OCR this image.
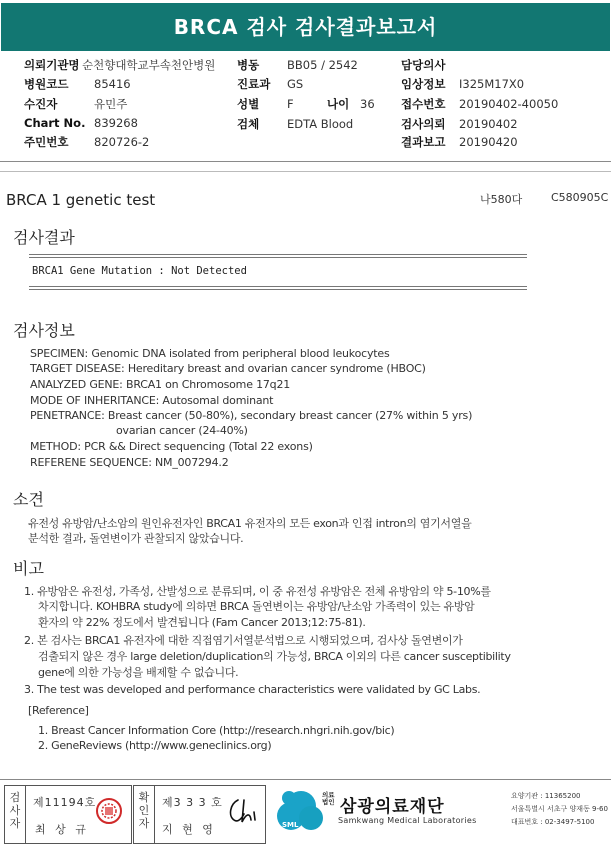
BRCA 검사 검사결과보고서
의뢰기관명 순천향대학교부속천안병원
병원코드 85416
수진자	유민주
Chart No. 839268
주민번호 820726-2
병동 BB05 / 2542
진료과 GS
성별 F	나이 36
검체 EDTA Blood
담당의사
임상정보 I325M17X0
접수번호 20190402-40050
검사의뢰 20190402
결과보고 20190420
BRCA 1 genetic test	나580다	C580905C
검사결과
BRCA1 Gene Mutation : Not Detected
검사정보
SPECIMEN: Genomic DNA isolated from peripheral blood leukocytes
TARGET DISEASE: Hereditary breast and ovarian cancer syndrome (HBOC)
ANALYZED GENE: BRCA1 on Chromosome 17q21
MODE OF INHERITANCE: Autosomal dominant
PENETRANCE: Breast cancer (50-80%), secondary breast cancer (27% within 5 yrs)
ovarian cancer (24-40%)
METHOD: PCR && Direct sequencing (Total 22 exons)
REFERENE SEQUENCE: NM_007294.2
소견
유전성 유방암/난소암의 원인유전자인 BRCA1 유전자의 모든 exon과 인접 intron의 염기서열을
분석한 결과, 돌연변이가 관찰되지 않았습니다.
비고
1. 유방암은 유전성, 가족성, 산발성으로 분류되며, 이 중 유전성 유방암은 전체 유방암의 약 5-10%를
차지합니다. KOHBRA study에 의하면 BRCA 돌연변이는 유방암/난소암 가족력이 있는 유방암
환자의 약 22% 정도에서 발견됩니다 (Fam Cancer 2013;12:75-81).
2. 본 검사는 BRCA1 유전자에 대한 직접염기서열분석법으로 시행되었으며, 검사상 돌연변이가
검출되지 않은 경우 large deletion/duplication의 가능성, BRCA 이외의 다른 cancer susceptibility
gene에 의한 가능성을 배제할 수 없습니다.
3. The test was developed and performance characteristics were validated by GC Labs.
[Reference]
1. Breast Cancer Information Core (http://research.nhgri.nih.gov/bic)
2. GeneReviews (http://www.geneclinics.org)
검사자
제11194호
최 상 규
확인자
제3 3 3 호
지 현 영	SML
의료법인 삼광의료재단
Samkwang Medical Laboratories
요양기관 : 11365200
서울특별시 서초구 양재동 9-60
대표번호 : 02-3497-5100
